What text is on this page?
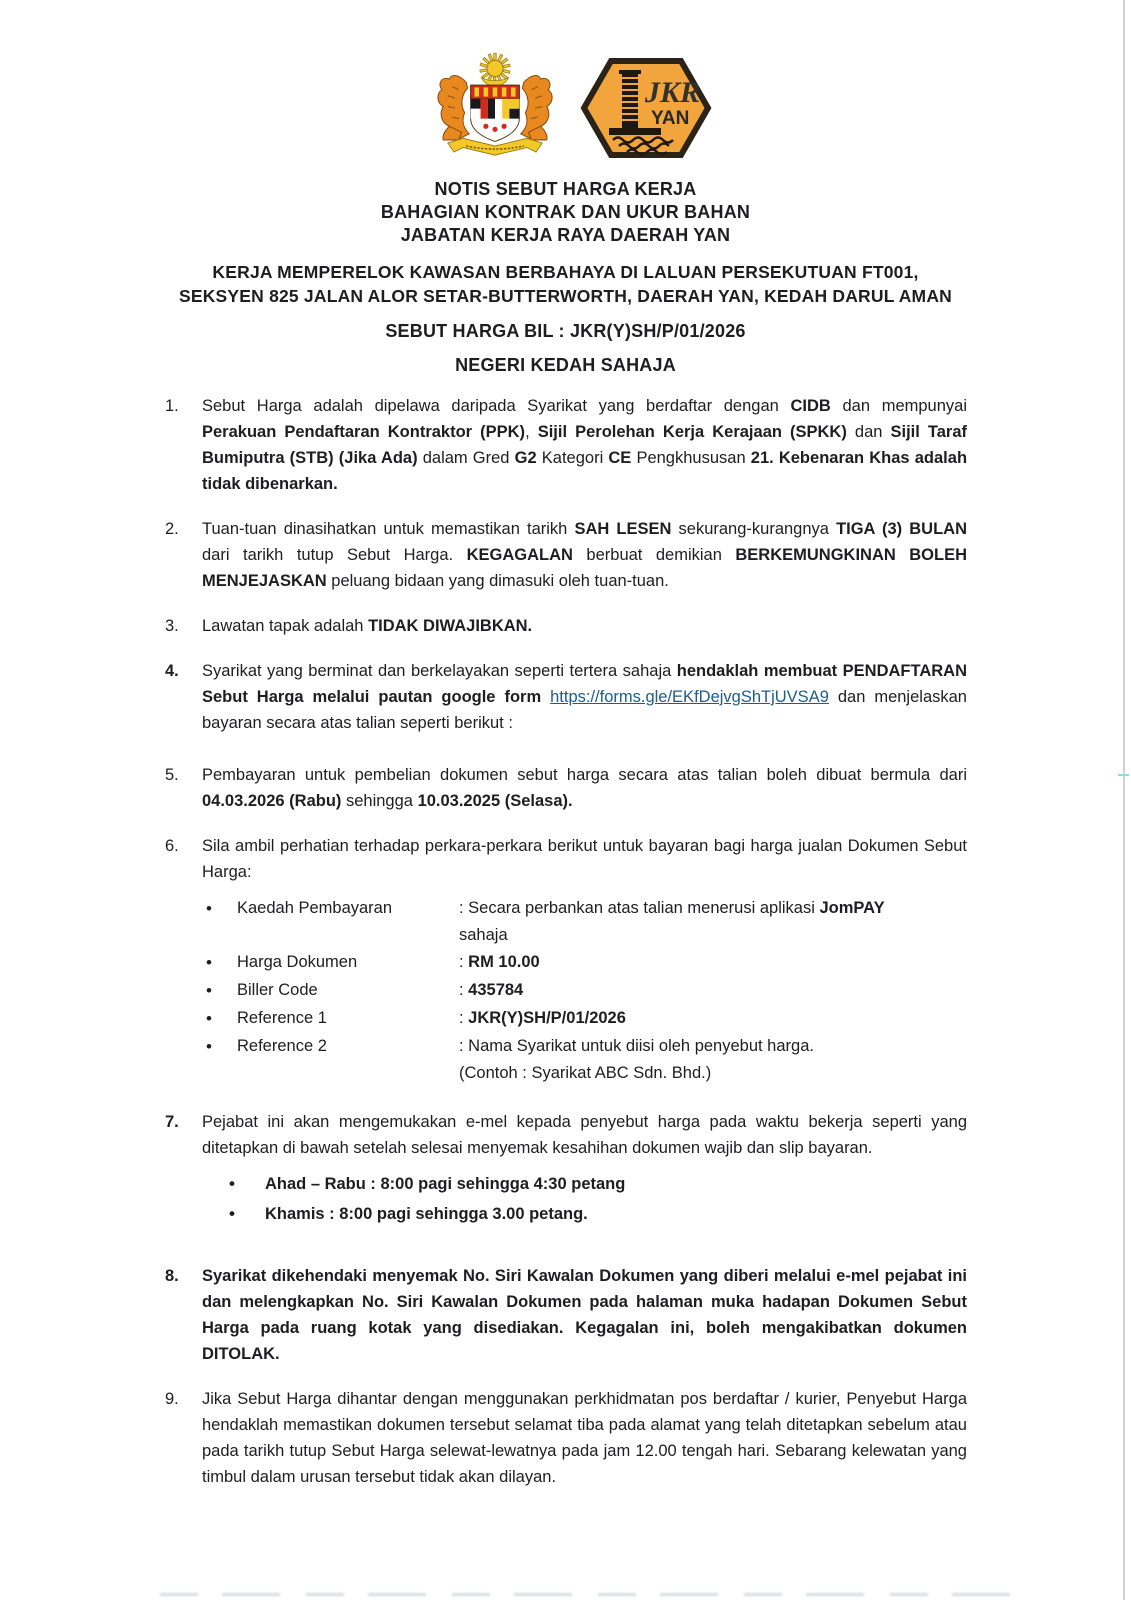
JKR
YAN
NOTIS SEBUT HARGA KERJA
BAHAGIAN KONTRAK DAN UKUR BAHAN
JABATAN KERJA RAYA DAERAH YAN
KERJA MEMPERELOK KAWASAN BERBAHAYA DI LALUAN PERSEKUTUAN FT001,
SEKSYEN 825 JALAN ALOR SETAR-BUTTERWORTH, DAERAH YAN, KEDAH DARUL AMAN
SEBUT HARGA BIL : JKR(Y)SH/P/01/2026
NEGERI KEDAH SAHAJA
1.	Sebut Harga adalah dipelawa daripada Syarikat yang berdaftar dengan CIDB dan mempunyai Perakuan Pendaftaran Kontraktor (PPK), Sijil Perolehan Kerja Kerajaan (SPKK) dan Sijil Taraf Bumiputra (STB) (Jika Ada) dalam Gred G2 Kategori CE Pengkhususan 21. Kebenaran Khas adalah tidak dibenarkan.
2.	Tuan-tuan dinasihatkan untuk memastikan tarikh SAH LESEN sekurang-kurangnya TIGA (3) BULAN dari tarikh tutup Sebut Harga. KEGAGALAN berbuat demikian BERKEMUNGKINAN BOLEH MENJEJASKAN peluang bidaan yang dimasuki oleh tuan-tuan.
3.	Lawatan tapak adalah TIDAK DIWAJIBKAN.
4.	Syarikat yang berminat dan berkelayakan seperti tertera sahaja hendaklah membuat PENDAFTARAN Sebut Harga melalui pautan google form https://forms.gle/EKfDejvgShTjUVSA9 dan menjelaskan bayaran secara atas talian seperti berikut :
5.	Pembayaran untuk pembelian dokumen sebut harga secara atas talian boleh dibuat bermula dari 04.03.2026 (Rabu) sehingga 10.03.2025 (Selasa).
6.	Sila ambil perhatian terhadap perkara-perkara berikut untuk bayaran bagi harga jualan Dokumen Sebut Harga:
•
Kaedah Pembayaran	: Secara perbankan atas talian menerusi aplikasi JomPAY
sahaja
•
Harga Dokumen	: RM 10.00
•
Biller Code	: 435784
•
Reference 1	: JKR(Y)SH/P/01/2026
•
Reference 2	: Nama Syarikat untuk diisi oleh penyebut harga.
(Contoh : Syarikat ABC Sdn. Bhd.)
7.	Pejabat ini akan mengemukakan e-mel kepada penyebut harga pada waktu bekerja seperti yang ditetapkan di bawah setelah selesai menyemak kesahihan dokumen wajib dan slip bayaran.
•
Ahad – Rabu : 8:00 pagi sehingga 4:30 petang
•
Khamis : 8:00 pagi sehingga 3.00 petang.
8.	Syarikat dikehendaki menyemak No. Siri Kawalan Dokumen yang diberi melalui e-mel pejabat ini dan melengkapkan No. Siri Kawalan Dokumen pada halaman muka hadapan Dokumen Sebut Harga pada ruang kotak yang disediakan. Kegagalan ini, boleh mengakibatkan dokumen DITOLAK.
9.	Jika Sebut Harga dihantar dengan menggunakan perkhidmatan pos berdaftar / kurier, Penyebut Harga hendaklah memastikan dokumen tersebut selamat tiba pada alamat yang telah ditetapkan sebelum atau pada tarikh tutup Sebut Harga selewat-lewatnya pada jam 12.00 tengah hari. Sebarang kelewatan yang timbul dalam urusan tersebut tidak akan dilayan.
